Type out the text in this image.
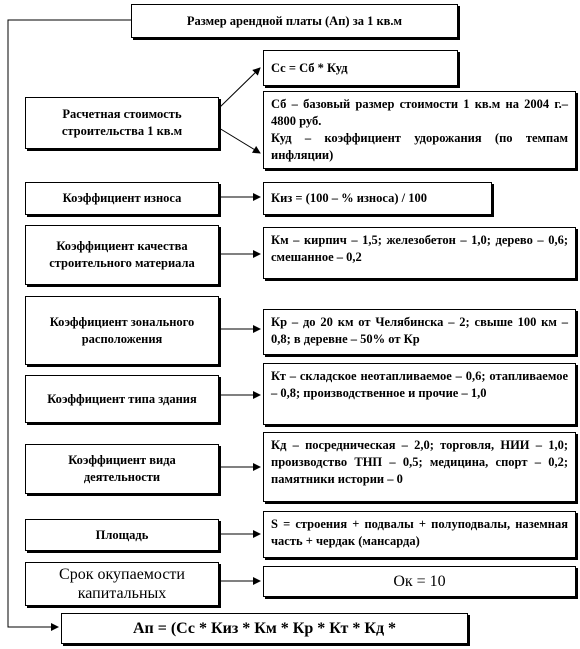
Размер арендной платы (Ап) за 1 кв.м
Расчетная стоимость строительства 1 кв.м
Сс = Сб * Куд
Сб – базовый размер стоимости 1 кв.м на 2004 г.– 4800 руб.
Куд – коэффициент удорожания (по темпам инфляции)
Коэффициент износа	Киз = (100 – % износа) / 100
Коэффициент качества строительного материала
Км – кирпич – 1,5; железобетон – 1,0; дерево – 0,6; смешанное – 0,2
Коэффициент зонального расположения
Кр – до 20 км от Челябинска – 2; свыше 100 км – 0,8; в деревне – 50% от Кр
Коэффициент типа здания
Кт – складское неотапливаемое – 0,6; отапливаемое – 0,8; производственное и прочие – 1,0
Коэффициент вида деятельности
Кд – посредническая – 2,0; торговля, НИИ – 1,0; производство ТНП – 0,5; медицина, спорт – 0,2; памятники истории – 0
Площадь
S = строения + подвалы + полуподвалы, наземная часть + чердак (мансарда)
Срок окупаемости капитальных
Ок = 10
Ап = (Сс * Киз * Км * Кр * Кт * Кд *
